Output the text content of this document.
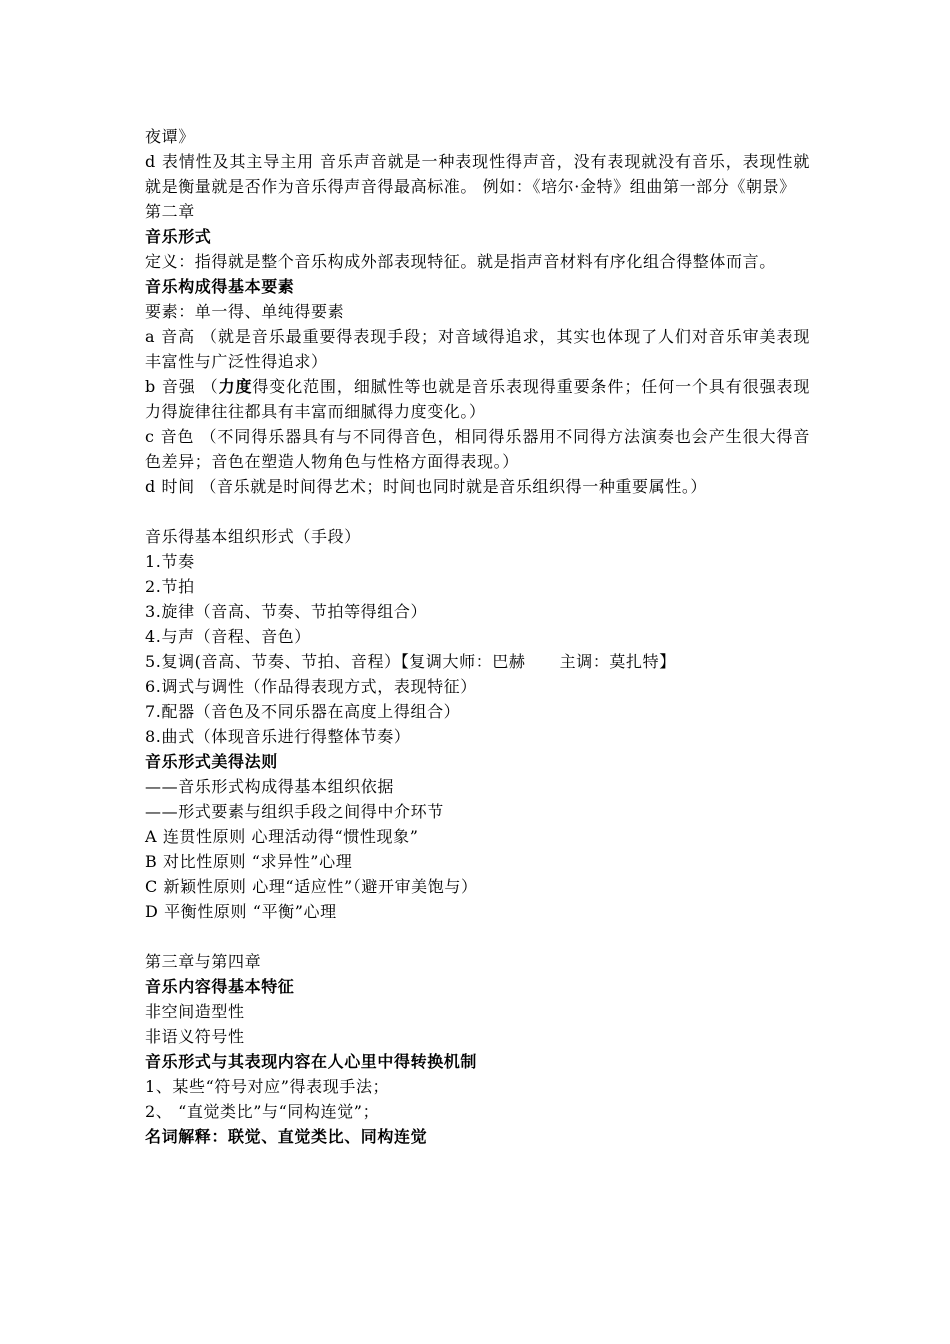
夜谭》
d 表情性及其主导主用 音乐声音就是一种表现性得声音，没有表现就没有音乐，表现性就就是衡量就是否作为音乐得声音得最高标准。 例如：《培尔·金特》组曲第一部分《朝景》
第二章
音乐形式
定义：指得就是整个音乐构成外部表现特征。就是指声音材料有序化组合得整体而言。
音乐构成得基本要素
要素：单一得、单纯得要素
a 音高 （就是音乐最重要得表现手段；对音域得追求，其实也体现了人们对音乐审美表现丰富性与广泛性得追求）
b 音强 （力度得变化范围，细腻性等也就是音乐表现得重要条件；任何一个具有很强表现力得旋律往往都具有丰富而细腻得力度变化。）
c 音色 （不同得乐器具有与不同得音色，相同得乐器用不同得方法演奏也会产生很大得音色差异；音色在塑造人物角色与性格方面得表现。）
d 时间 （音乐就是时间得艺术；时间也同时就是音乐组织得一种重要属性。）
音乐得基本组织形式（手段）
1.节奏
2.节拍
3.旋律（音高、节奏、节拍等得组合）
4.与声（音程、音色）
5.复调(音高、节奏、节拍、音程）【复调大师：巴赫      主调：莫扎特】
6.调式与调性（作品得表现方式，表现特征）
7.配器（音色及不同乐器在高度上得组合）
8.曲式（体现音乐进行得整体节奏）
音乐形式美得法则
——音乐形式构成得基本组织依据
——形式要素与组织手段之间得中介环节
A 连贯性原则 心理活动得“惯性现象”
B 对比性原则 “求异性”心理
C 新颖性原则 心理“适应性”（避开审美饱与）
D 平衡性原则 “平衡”心理
第三章与第四章
音乐内容得基本特征
非空间造型性
非语义符号性
音乐形式与其表现内容在人心里中得转换机制
1、某些“符号对应”得表现手法；
2、 “直觉类比”与“同构连觉”；
名词解释：联觉、直觉类比、同构连觉
